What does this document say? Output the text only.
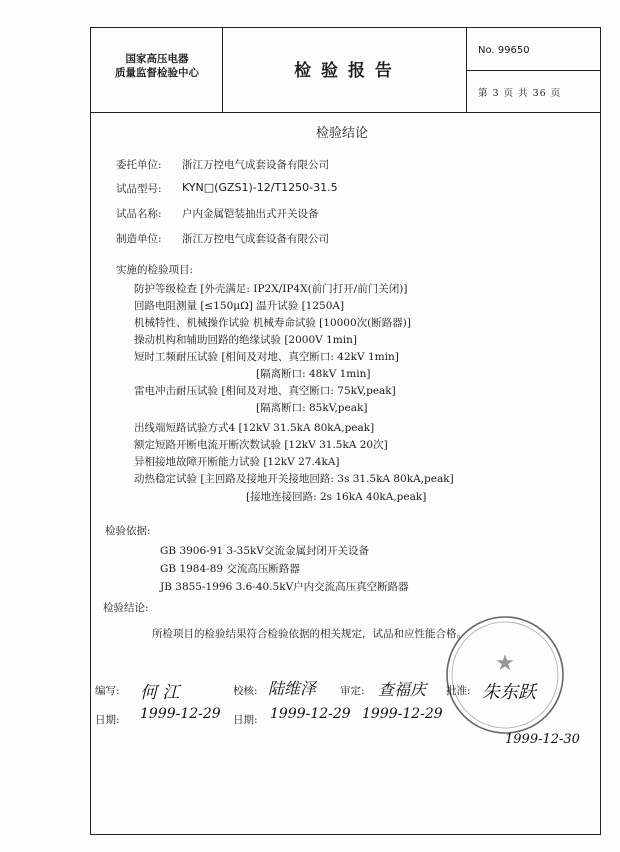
国家高压电器
质量监督检验中心	检 验 报 告
No. 99650
第 3 页 共 36 页
检验结论
委托单位: 浙江万控电气成套设备有限公司
试品型号: KYN□(GZS1)-12/T1250-31.5
试品名称: 户内金属铠装抽出式开关设备
制造单位: 浙江万控电气成套设备有限公司
实施的检验项目:
防护等级检查 [外壳满足: IP2X/IP4X(前门打开/前门关闭)]
回路电阻测量 [≤150μΩ] 温升试验 [1250A]
机械特性、机械操作试验 机械寿命试验 [10000次(断路器)]
操动机构和辅助回路的绝缘试验 [2000V 1min]
短时工频耐压试验 [相间及对地、真空断口: 42kV 1min]
[隔离断口: 48kV 1min]
雷电冲击耐压试验 [相间及对地、真空断口: 75kV,peak]
[隔离断口: 85kV,peak]
出线端短路试验方式4 [12kV 31.5kA 80kA,peak]
额定短路开断电流开断次数试验 [12kV 31.5kA 20次]
异相接地故障开断能力试验 [12kV 27.4kA]
动热稳定试验 [主回路及接地开关接地回路: 3s 31.5kA 80kA,peak]
[接地连接回路: 2s 16kA 40kA,peak]
检验依据:
GB 3906-91 3-35kV交流金属封闭开关设备
GB 1984-89 交流高压断路器
JB 3855-1996 3.6-40.5kV户内交流高压真空断路器
检验结论:
所检项目的检验结果符合检验依据的相关规定，试品和应性能合格。
★
编写: 何 江	校核: 陆维泽 审定: 查福庆 批准: 朱东跃
日期: 1999-12-29 日期: 1999-12-29 1999-12-29
1999-12-30
